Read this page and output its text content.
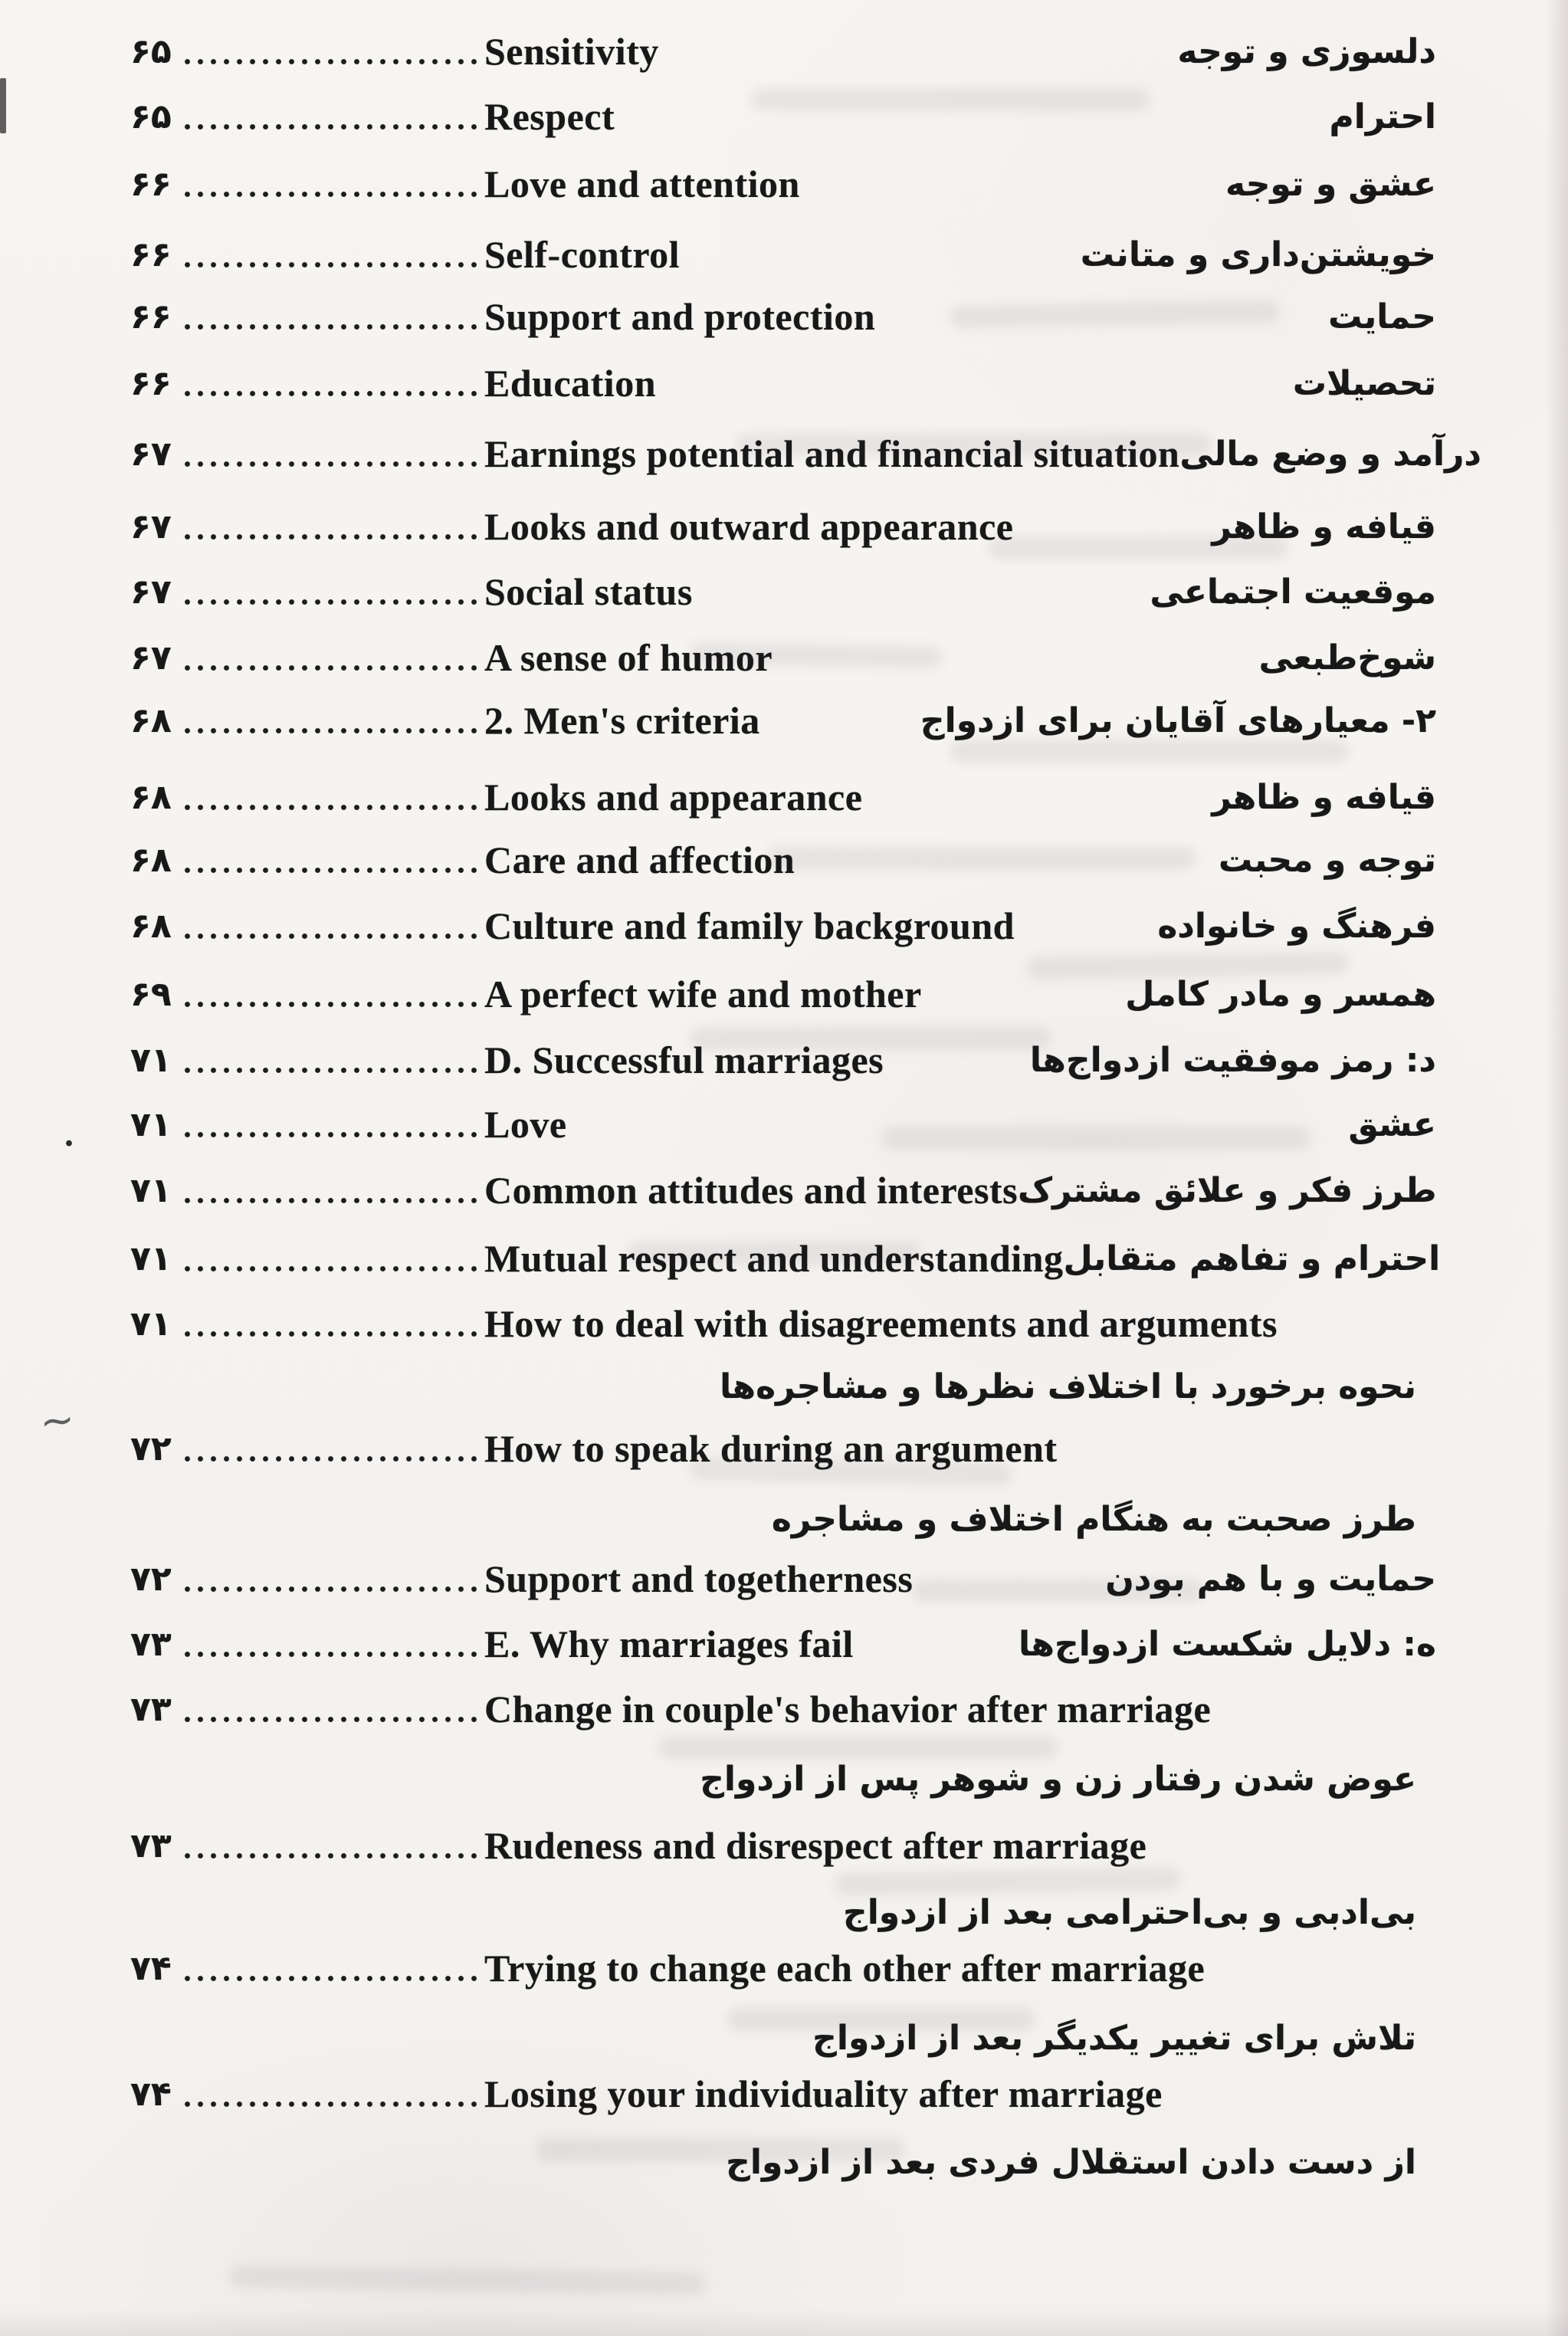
~
.
۶۵	Sensitivity	دلسوزی و توجه
۶۵	Respect	احترام
۶۶	Love and attention	عشق و توجه
۶۶	Self-control	خویشتن‌داری و متانت
۶۶	Support and protection	حمایت
۶۶	Education	تحصیلات
۶۷	Earnings potential and financial situation درآمد و وضع مالی
۶۷	Looks and outward appearance	قیافه و ظاهر
۶۷	Social status	موقعیت اجتماعی
۶۷	A sense of humor	شوخ‌طبعی
۶۸	2. Men's criteria	۲- معیارهای آقایان برای ازدواج
۶۸	Looks and appearance	قیافه و ظاهر
۶۸	Care and affection	توجه و محبت
۶۸	Culture and family background	فرهنگ و خانواده
۶۹	A perfect wife and mother	همسر و مادر کامل
۷۱	D. Successful marriages	د: رمز موفقیت ازدواج‌ها
۷۱	Love	عشق
۷۱	Common attitudes and interests طرز فکر و علائق مشترک
۷۱	Mutual respect and understanding احترام و تفاهم متقابل
۷۱	How to deal with disagreements and arguments
نحوه برخورد با اختلاف نظرها و مشاجره‌ها
۷۲	How to speak during an argument
طرز صحبت به هنگام اختلاف و مشاجره
۷۲	Support and togetherness	حمایت و با هم بودن
۷۳	E. Why marriages fail	ه: دلایل شکست ازدواج‌ها
۷۳	Change in couple's behavior after marriage
عوض شدن رفتار زن و شوهر پس از ازدواج
۷۳	Rudeness and disrespect after marriage
بی‌ادبی و بی‌احترامی بعد از ازدواج
۷۴	Trying to change each other after marriage
تلاش برای تغییر یکدیگر بعد از ازدواج
۷۴	Losing your individuality after marriage
از دست دادن استقلال فردی بعد از ازدواج
